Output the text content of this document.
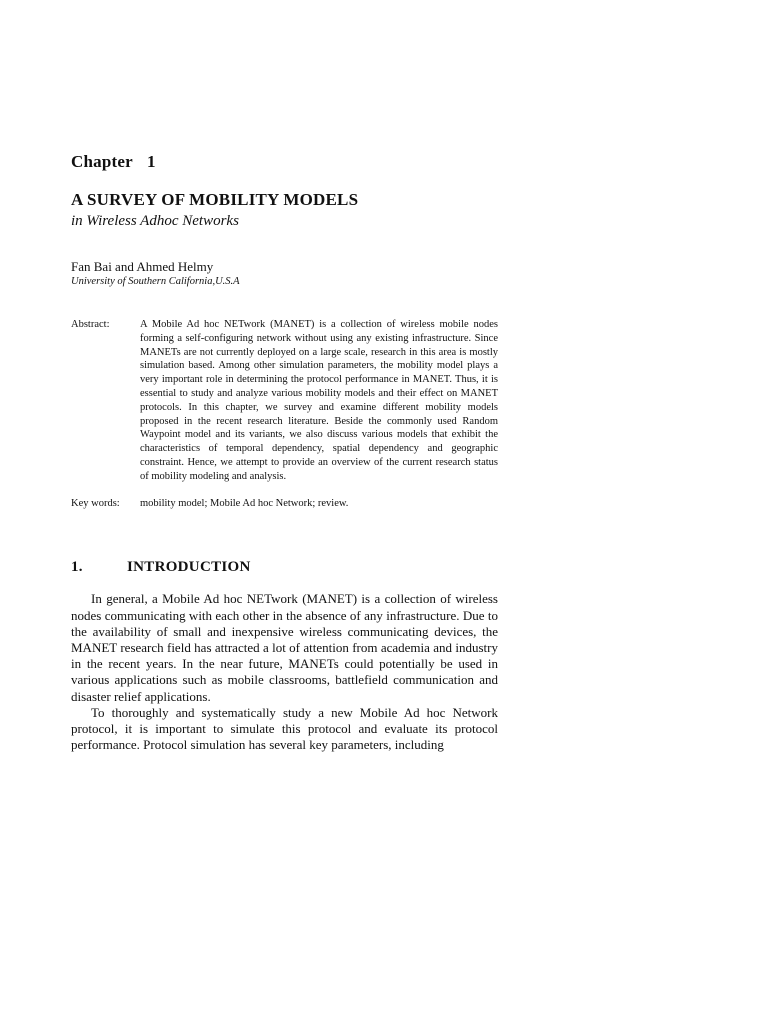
Chapter 1
A SURVEY OF MOBILITY MODELS
in Wireless Adhoc Networks
Fan Bai and Ahmed Helmy
University of Southern California,U.S.A
Abstract:	A Mobile Ad hoc NETwork (MANET) is a collection of wireless mobile nodes forming a self-configuring network without using any existing infrastructure. Since MANETs are not currently deployed on a large scale, research in this area is mostly simulation based. Among other simulation parameters, the mobility model plays a very important role in determining the protocol performance in MANET. Thus, it is essential to study and analyze various mobility models and their effect on MANET protocols. In this chapter, we survey and examine different mobility models proposed in the recent research literature. Beside the commonly used Random Waypoint model and its variants, we also discuss various models that exhibit the characteristics of temporal dependency, spatial dependency and geographic constraint. Hence, we attempt to provide an overview of the current research status of mobility modeling and analysis.
Key words:	mobility model; Mobile Ad hoc Network; review.
1.	INTRODUCTION

In general, a Mobile Ad hoc NETwork (MANET) is a collection of wireless nodes communicating with each other in the absence of any infrastructure. Due to the availability of small and inexpensive wireless communicating devices, the MANET research field has attracted a lot of attention from academia and industry in the recent years. In the near future, MANETs could potentially be used in various applications such as mobile classrooms, battlefield communication and disaster relief applications.

To thoroughly and systematically study a new Mobile Ad hoc Network protocol, it is important to simulate this protocol and evaluate its protocol performance. Protocol simulation has several key parameters, including
